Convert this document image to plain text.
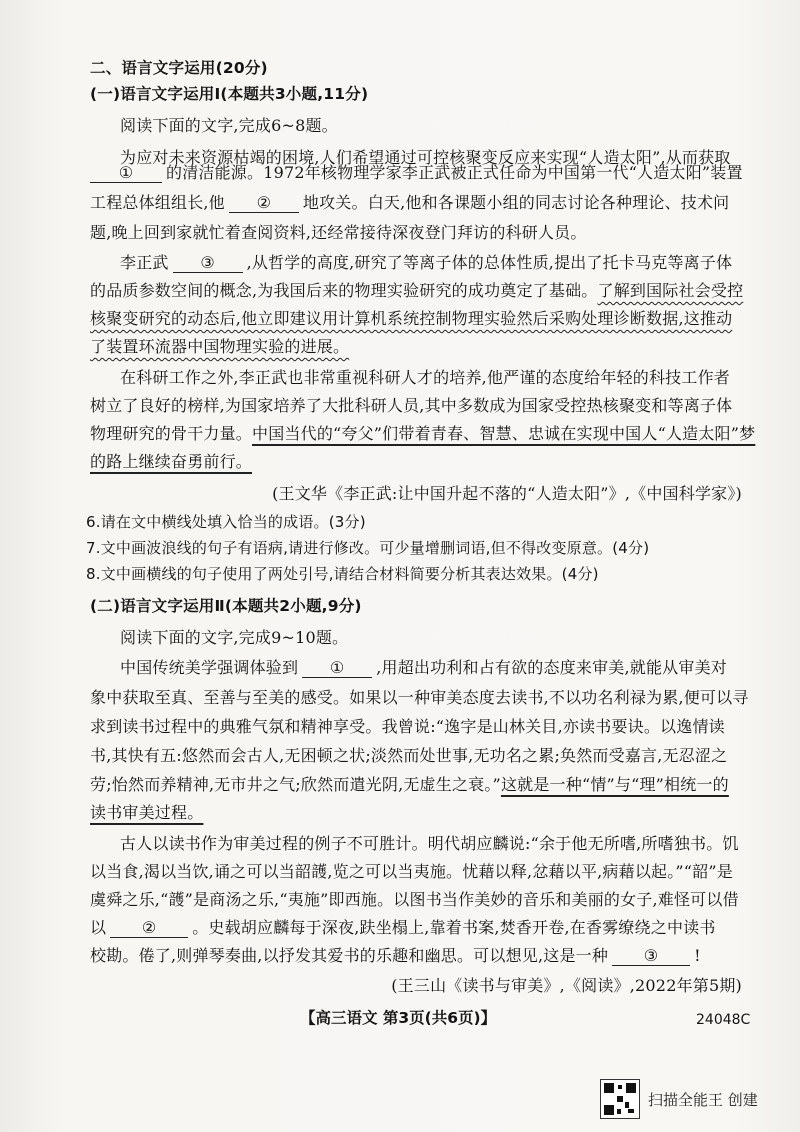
二、语言文字运用(20分)
(一)语言文字运用Ⅰ(本题共3小题,11分)
阅读下面的文字,完成6~8题。
为应对未来资源枯竭的困境,人们希望通过可控核聚变反应来实现“人造太阳”,从而获取
① 的清洁能源。1972年核物理学家李正武被正式任命为中国第一代“人造太阳”装置
工程总体组组长,他 ② 地攻关。白天,他和各课题小组的同志讨论各种理论、技术问
题,晚上回到家就忙着查阅资料,还经常接待深夜登门拜访的科研人员。
李正武 ③ ,从哲学的高度,研究了等离子体的总体性质,提出了托卡马克等离子体
的品质参数空间的概念,为我国后来的物理实验研究的成功奠定了基础。了解到国际社会受控
核聚变研究的动态后,他立即建议用计算机系统控制物理实验然后采购处理诊断数据,这推动
了装置环流器中国物理实验的进展。
在科研工作之外,李正武也非常重视科研人才的培养,他严谨的态度给年轻的科技工作者
树立了良好的榜样,为国家培养了大批科研人员,其中多数成为国家受控热核聚变和等离子体
物理研究的骨干力量。中国当代的“夸父”们带着青春、智慧、忠诚在实现中国人“人造太阳”梦
的路上继续奋勇前行。
(王文华《李正武:让中国升起不落的“人造太阳”》,《中国科学家》)
6.请在文中横线处填入恰当的成语。(3分)
7.文中画波浪线的句子有语病,请进行修改。可少量增删词语,但不得改变原意。(4分)
8.文中画横线的句子使用了两处引号,请结合材料简要分析其表达效果。(4分)
(二)语言文字运用Ⅱ(本题共2小题,9分)
阅读下面的文字,完成9~10题。
中国传统美学强调体验到 ① ,用超出功利和占有欲的态度来审美,就能从审美对
象中获取至真、至善与至美的感受。如果以一种审美态度去读书,不以功名利禄为累,便可以寻
求到读书过程中的典雅气氛和精神享受。我曾说:“逸字是山林关目,亦读书要诀。以逸情读
书,其快有五:悠然而会古人,无困顿之状;淡然而处世事,无功名之累;奂然而受嘉言,无忍涩之
劳;怡然而养精神,无市井之气;欣然而遣光阴,无虚生之衰。”这就是一种“情”与“理”相统一的
读书审美过程。
古人以读书作为审美过程的例子不可胜计。明代胡应麟说:“余于他无所嗜,所嗜独书。饥
以当食,渴以当饮,诵之可以当韶頀,览之可以当夷施。忧藉以释,忿藉以平,病藉以起。”“韶”是
虞舜之乐,“頀”是商汤之乐,“夷施”即西施。以图书当作美妙的音乐和美丽的女子,难怪可以借
以 ② 。史载胡应麟每于深夜,趺坐榻上,靠着书案,焚香开卷,在香雾缭绕之中读书
校勘。倦了,则弹琴奏曲,以抒发其爱书的乐趣和幽思。可以想见,这是一种 ③ !
(王三山《读书与审美》,《阅读》,2022年第5期)
【高三语文 第3页(共6页)】	24048C
扫描全能王 创建
